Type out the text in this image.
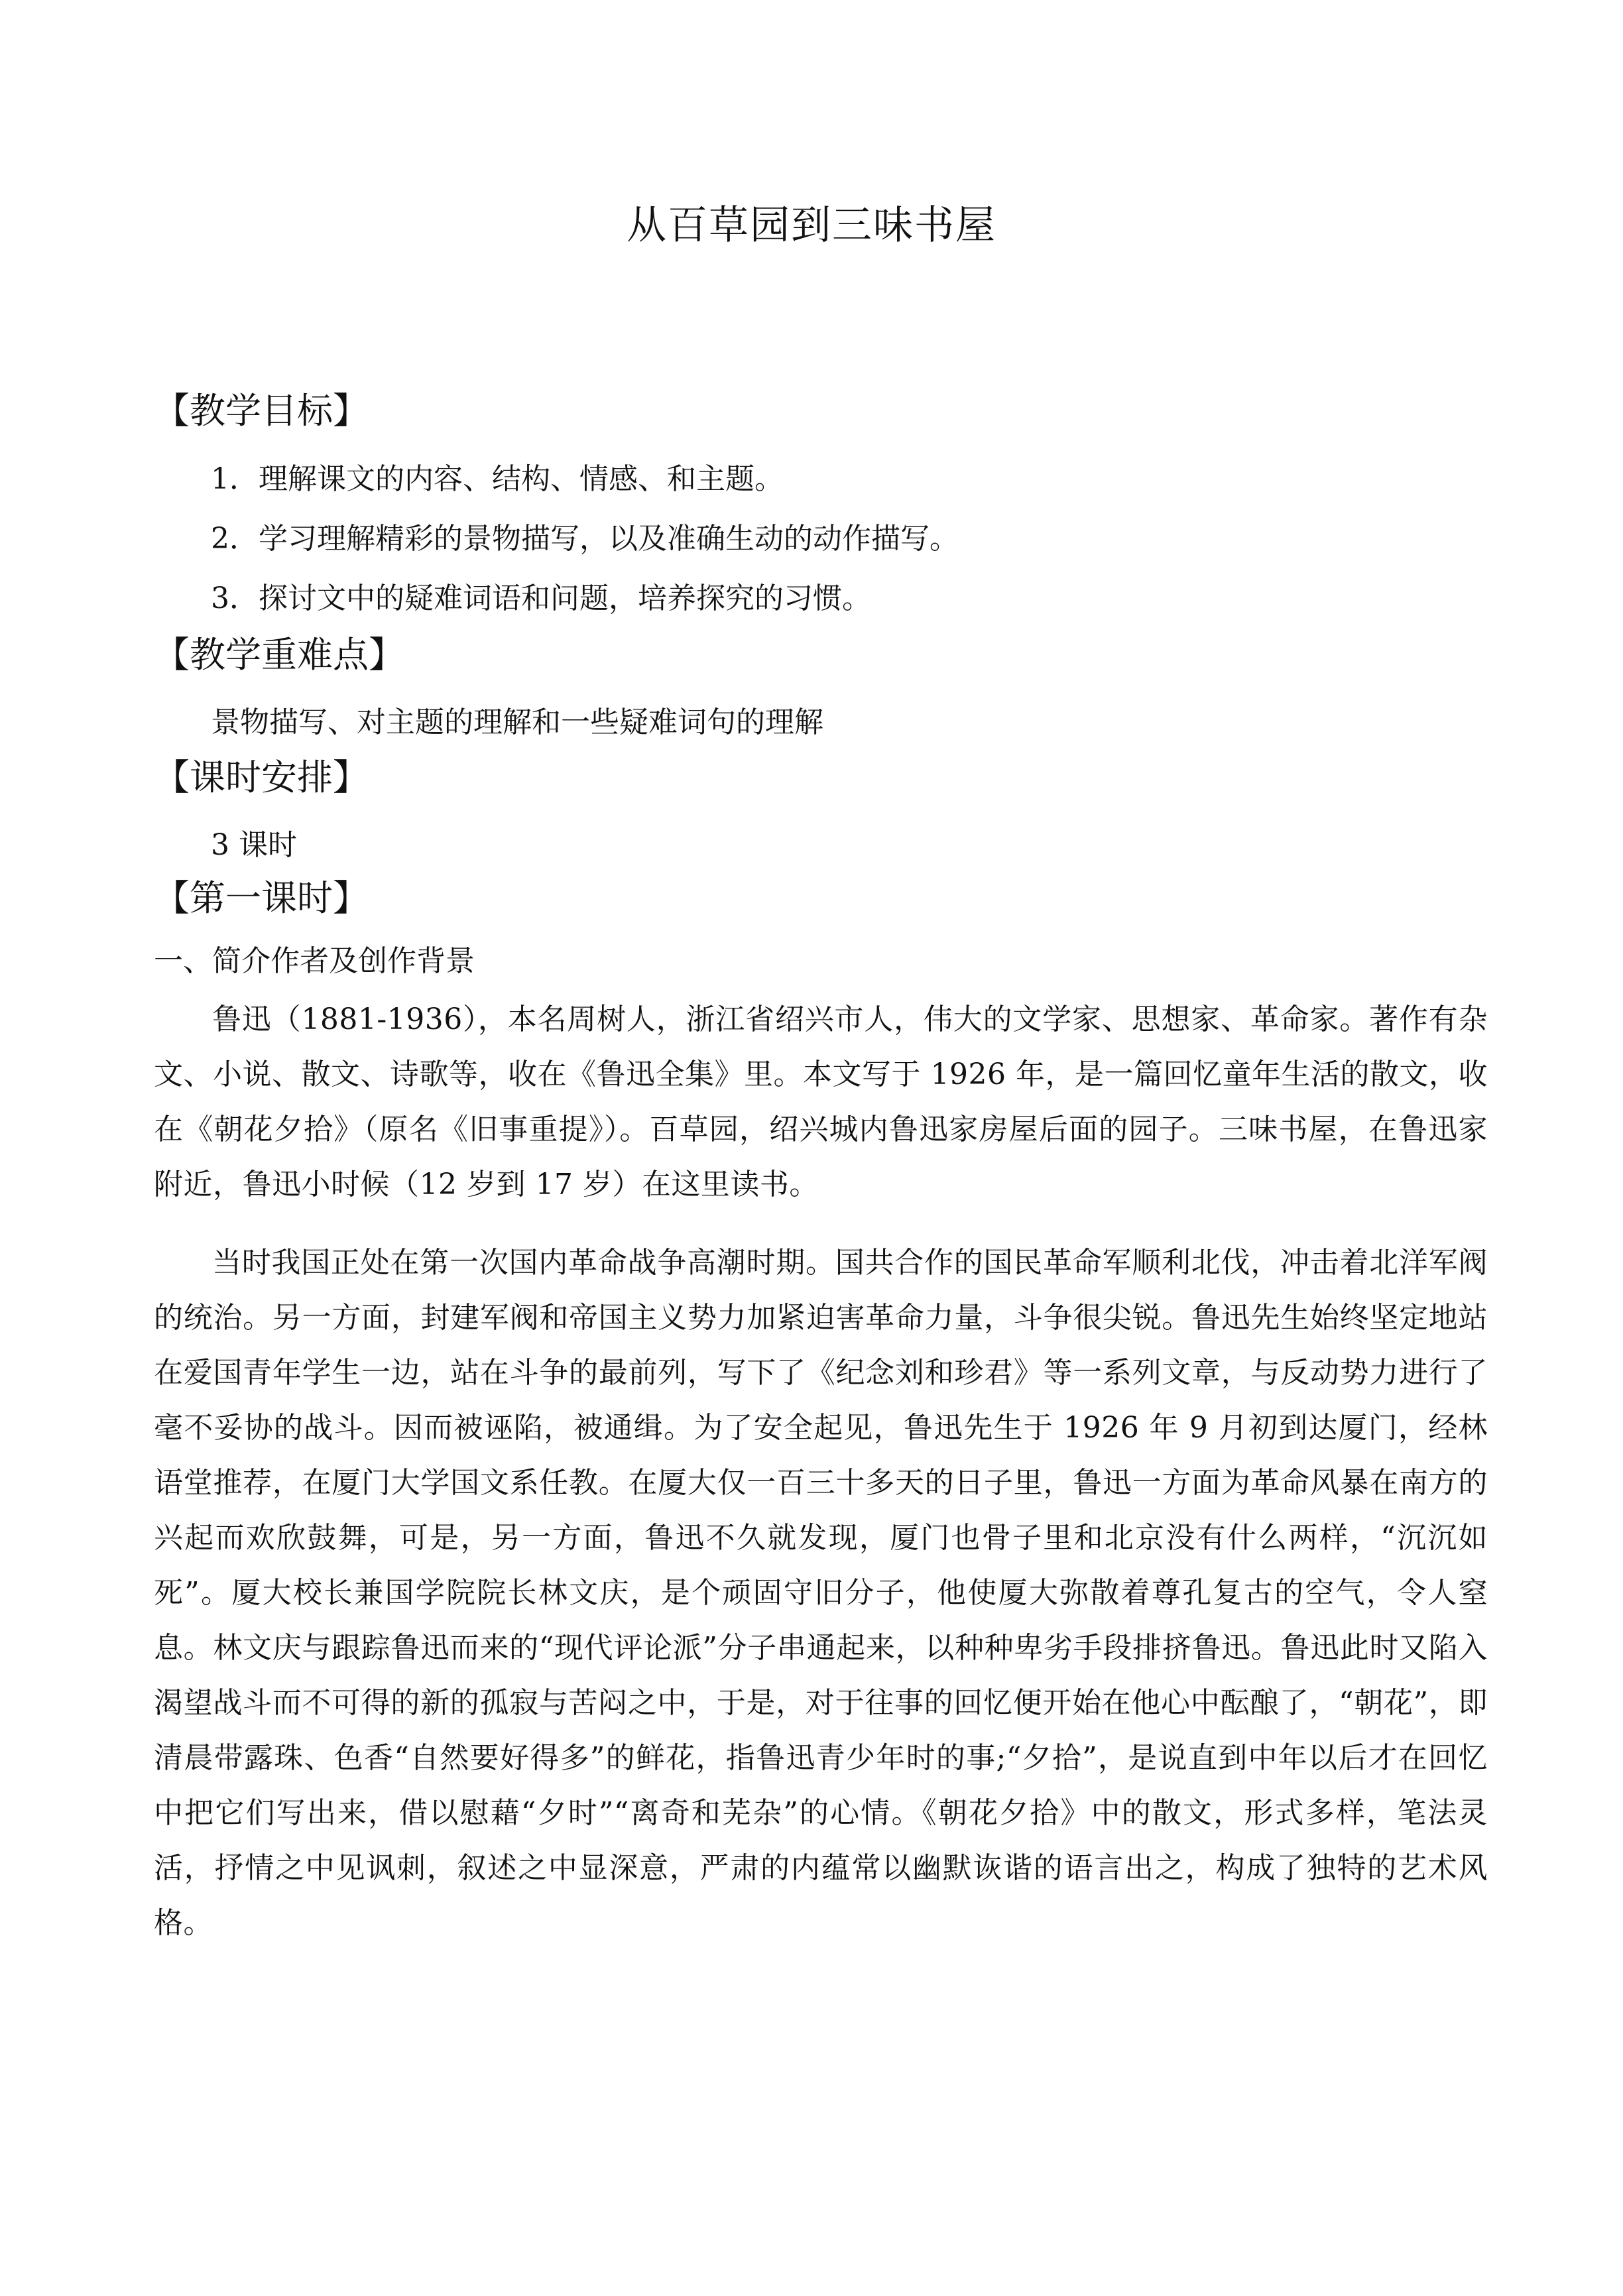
从百草园到三味书屋
【教学目标】
1．理解课文的内容、结构、情感、和主题。
2．学习理解精彩的景物描写，以及准确生动的动作描写。
3．探讨文中的疑难词语和问题，培养探究的习惯。
【教学重难点】
景物描写、对主题的理解和一些疑难词句的理解
【课时安排】
3 课时
【第一课时】
一、简介作者及创作背景
鲁迅（1881-1936），本名周树人，浙江省绍兴市人，伟大的文学家、思想家、革命家。著作有杂文、小说、散文、诗歌等，收在《鲁迅全集》里。本文写于 1926 年，是一篇回忆童年生活的散文，收在《朝花夕拾》（原名《旧事重提》）。百草园，绍兴城内鲁迅家房屋后面的园子。三味书屋，在鲁迅家附近，鲁迅小时候（12 岁到 17 岁）在这里读书。
当时我国正处在第一次国内革命战争高潮时期。国共合作的国民革命军顺利北伐，冲击着北洋军阀的统治。另一方面，封建军阀和帝国主义势力加紧迫害革命力量，斗争很尖锐。鲁迅先生始终坚定地站在爱国青年学生一边，站在斗争的最前列，写下了《纪念刘和珍君》等一系列文章，与反动势力进行了毫不妥协的战斗。因而被诬陷，被通缉。为了安全起见，鲁迅先生于 1926 年 9 月初到达厦门，经林语堂推荐，在厦门大学国文系任教。在厦大仅一百三十多天的日子里，鲁迅一方面为革命风暴在南方的兴起而欢欣鼓舞，可是，另一方面，鲁迅不久就发现，厦门也骨子里和北京没有什么两样，“沉沉如死”。厦大校长兼国学院院长林文庆，是个顽固守旧分子，他使厦大弥散着尊孔复古的空气，令人窒息。林文庆与跟踪鲁迅而来的“现代评论派”分子串通起来，以种种卑劣手段排挤鲁迅。鲁迅此时又陷入渴望战斗而不可得的新的孤寂与苦闷之中，于是，对于往事的回忆便开始在他心中酝酿了，“朝花”，即清晨带露珠、色香“自然要好得多”的鲜花，指鲁迅青少年时的事;“夕拾”，是说直到中年以后才在回忆中把它们写出来，借以慰藉“夕时”“离奇和芜杂”的心情。《朝花夕拾》中的散文，形式多样，笔法灵活，抒情之中见讽刺，叙述之中显深意，严肃的内蕴常以幽默诙谐的语言出之，构成了独特的艺术风格。
